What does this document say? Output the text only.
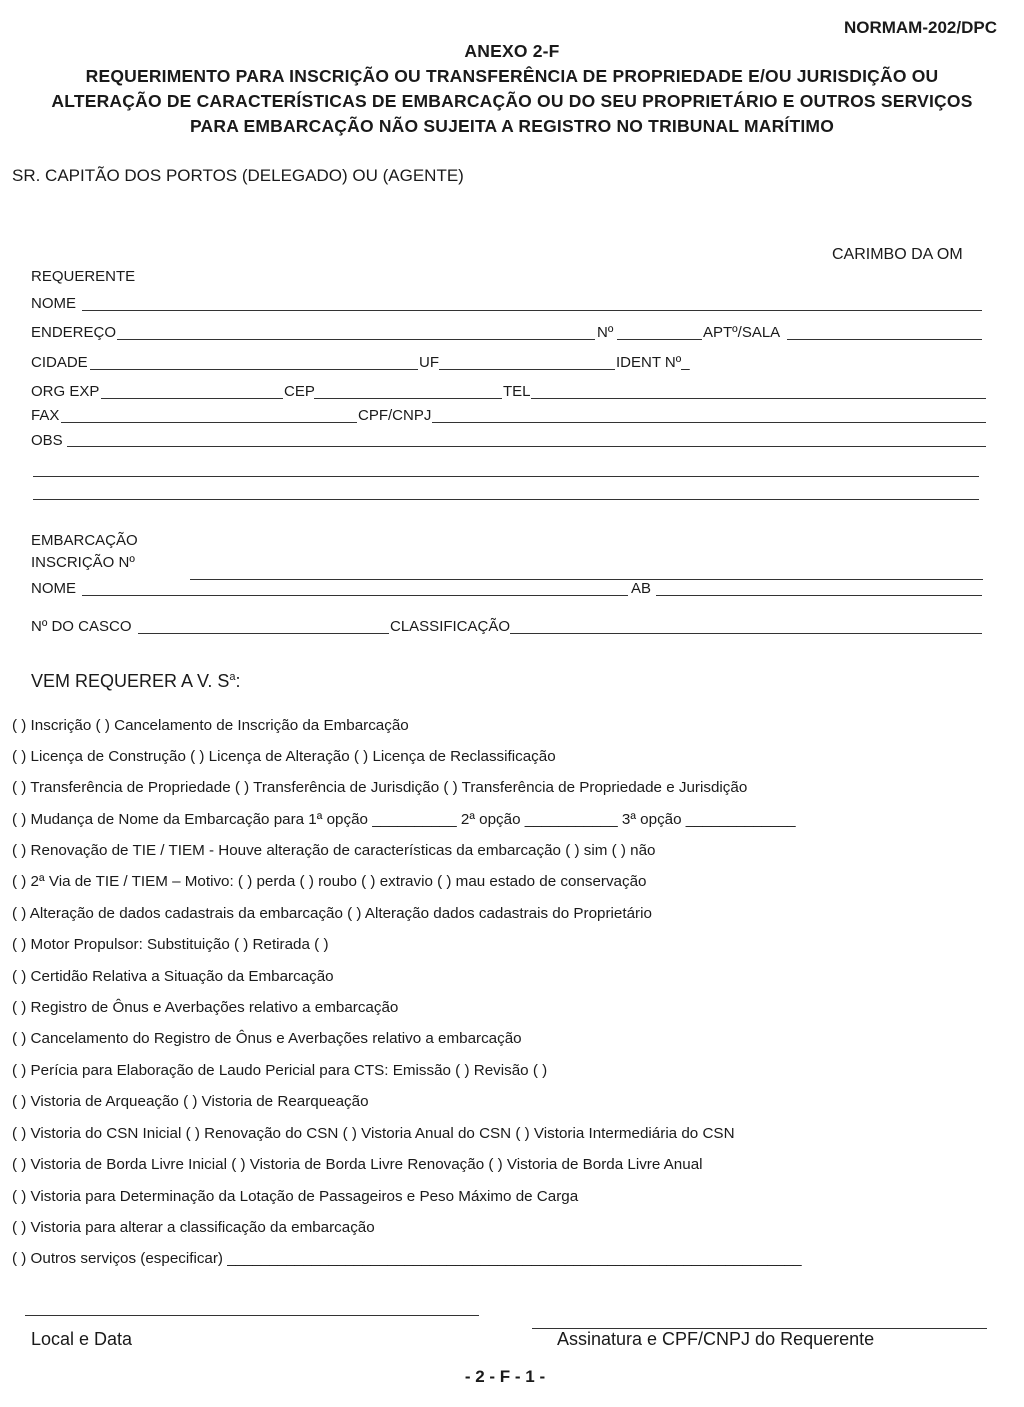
NORMAM-202/DPC
ANEXO 2-F
REQUERIMENTO PARA INSCRIÇÃO OU TRANSFERÊNCIA DE PROPRIEDADE E/OU JURISDIÇÃO OU
ALTERAÇÃO DE CARACTERÍSTICAS DE EMBARCAÇÃO OU DO SEU PROPRIETÁRIO E OUTROS SERVIÇOS
PARA EMBARCAÇÃO NÃO SUJEITA A REGISTRO NO TRIBUNAL MARÍTIMO
SR. CAPITÃO DOS PORTOS (DELEGADO) OU (AGENTE)
CARIMBO DA OM
REQUERENTE
NOME
ENDEREÇO	Nº	APTº/SALA
CIDADE	UF	IDENT Nº_
ORG EXP	CEP	TEL
FAX	CPF/CNPJ
OBS
EMBARCAÇÃO
INSCRIÇÃO Nº
NOME	AB
Nº DO CASCO	CLASSIFICAÇÃO
VEM REQUERER A V. $S^a$:
( ) Inscrição ( ) Cancelamento de Inscrição da Embarcação
( ) Licença de Construção ( ) Licença de Alteração ( ) Licença de Reclassificação
( ) Transferência de Propriedade ( ) Transferência de Jurisdição ( ) Transferência de Propriedade e Jurisdição
( ) Mudança de Nome da Embarcação para 1ª opção __________ 2ª opção ___________ 3ª opção _____________
( ) Renovação de TIE / TIEM - Houve alteração de características da embarcação ( ) sim ( ) não
( ) 2ª Via de TIE / TIEM – Motivo: ( ) perda ( ) roubo ( ) extravio ( ) mau estado de conservação
( ) Alteração de dados cadastrais da embarcação ( ) Alteração dados cadastrais do Proprietário
( ) Motor Propulsor: Substituição ( ) Retirada ( )
( ) Certidão Relativa a Situação da Embarcação
( ) Registro de Ônus e Averbações relativo a embarcação
( ) Cancelamento do Registro de Ônus e Averbações relativo a embarcação
( ) Perícia para Elaboração de Laudo Pericial para CTS: Emissão ( ) Revisão ( )
( ) Vistoria de Arqueação ( ) Vistoria de Rearqueação
( ) Vistoria do CSN Inicial ( ) Renovação do CSN ( ) Vistoria Anual do CSN ( ) Vistoria Intermediária do CSN
( ) Vistoria de Borda Livre Inicial ( ) Vistoria de Borda Livre Renovação ( ) Vistoria de Borda Livre Anual
( ) Vistoria para Determinação da Lotação de Passageiros e Peso Máximo de Carga
( ) Vistoria para alterar a classificação da embarcação
( ) Outros serviços (especificar) ____________________________________________________________________
Local e Data	Assinatura e CPF/CNPJ do Requerente
- 2 - F - 1 -
